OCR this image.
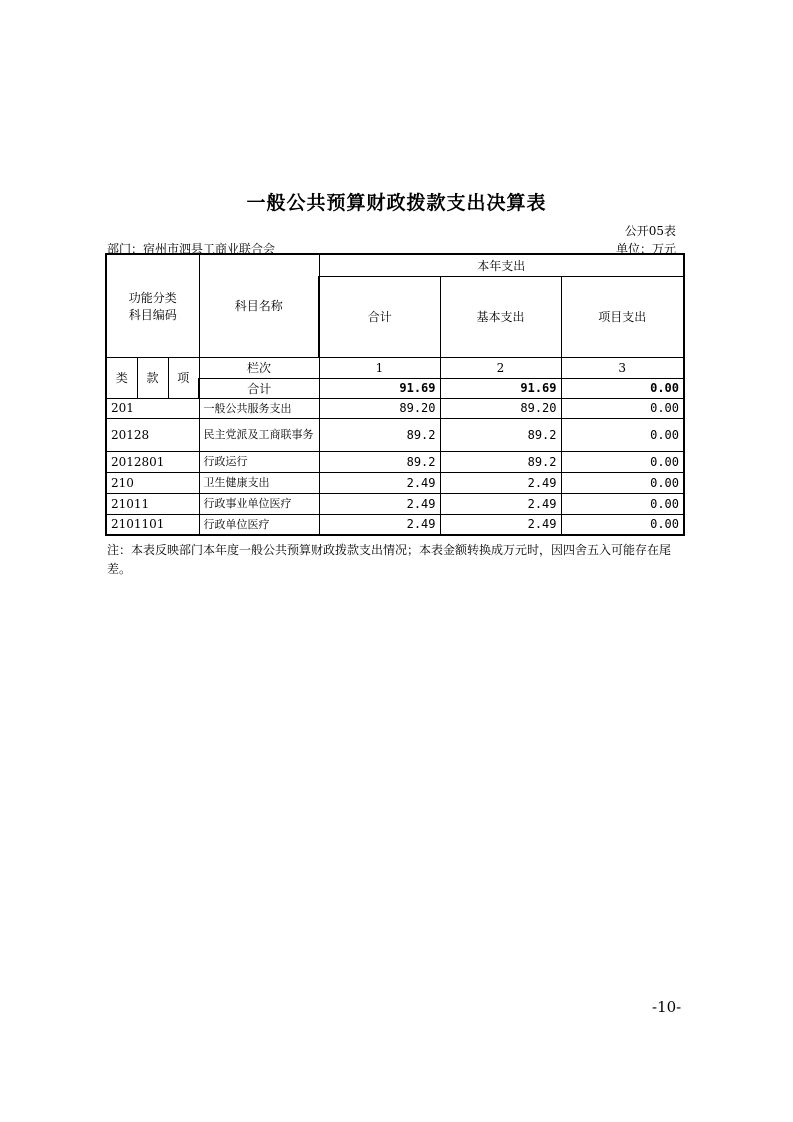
一般公共预算财政拨款支出决算表
公开05表
部门：宿州市泗县工商业联合会	单位：万元
功能分类
科目编码			科目名称	本年支出		
				合计	基本支出	项目支出
类	款	项	栏次	1	2	3
			合计	91.69	91.69	0.00
201			一般公共服务支出	89.20	89.20	0.00
20128			民主党派及工商联事务	89.2	89.2	0.00
2012801			行政运行	89.2	89.2	0.00
210			卫生健康支出	2.49	2.49	0.00
21011			行政事业单位医疗	2.49	2.49	0.00
2101101			行政单位医疗	2.49	2.49	0.00
注：本表反映部门本年度一般公共预算财政拨款支出情况；本表金额转换成万元时，因四舍五入可能存在尾差。
-10-
